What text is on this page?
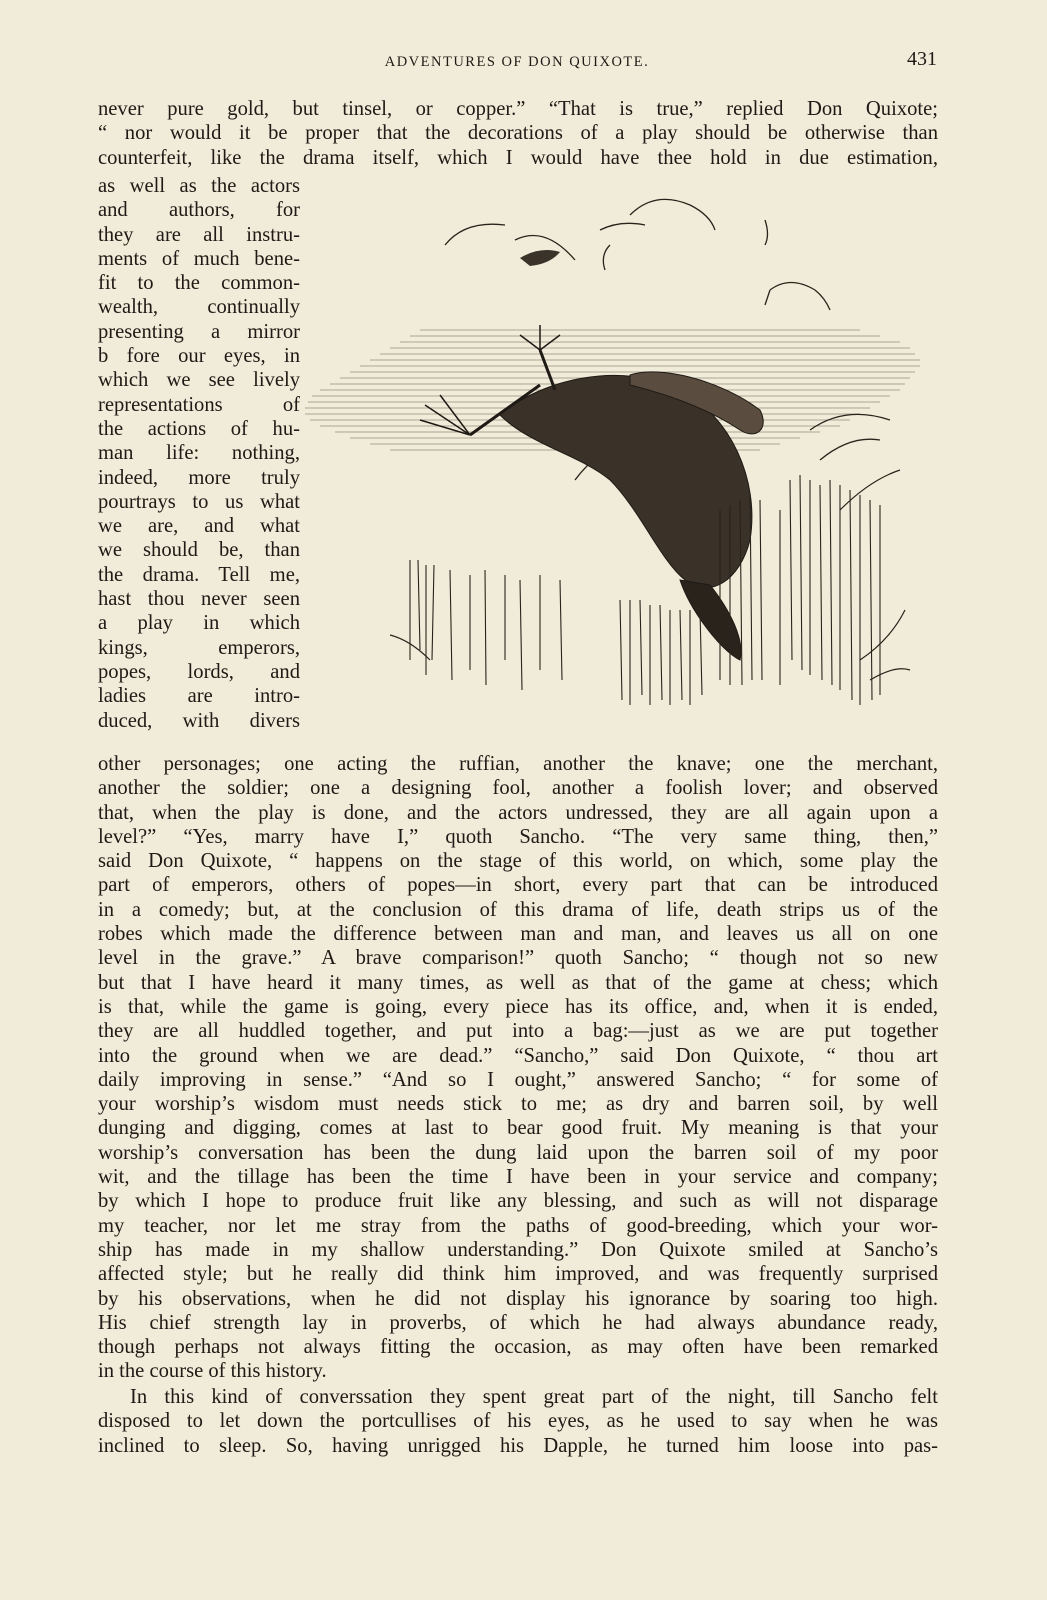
ADVENTURES OF DON QUIXOTE.	431
never pure gold, but tinsel, or copper.” “That is true,” replied Don Quixote;
“ nor would it be proper that the decorations of a play should be otherwise than
counterfeit, like the drama itself, which I would have thee hold in due estimation,
as well as the actors
and authors, for
they are all instru-
ments of much bene-
fit to the common-
wealth, continually
presenting a mirror
b fore our eyes, in
which we see lively
representations of
the actions of hu-
man life: nothing,
indeed, more truly
pourtrays to us what
we are, and what
we should be, than
the drama. Tell me,
hast thou never seen
a play in which
kings, emperors,
popes, lords, and
ladies are intro-
duced, with divers
other personages; one acting the ruffian, another the knave; one the merchant,
another the soldier; one a designing fool, another a foolish lover; and observed
that, when the play is done, and the actors undressed, they are all again upon a
level?” “Yes, marry have I,” quoth Sancho. “The very same thing, then,”
said Don Quixote, “ happens on the stage of this world, on which, some play the
part of emperors, others of popes—in short, every part that can be introduced
in a comedy; but, at the conclusion of this drama of life, death strips us of the
robes which made the difference between man and man, and leaves us all on one
level in the grave.” A brave comparison!” quoth Sancho; “ though not so new
but that I have heard it many times, as well as that of the game at chess; which
is that, while the game is going, every piece has its office, and, when it is ended,
they are all huddled together, and put into a bag:—just as we are put together
into the ground when we are dead.” “Sancho,” said Don Quixote, “ thou art
daily improving in sense.” “And so I ought,” answered Sancho; “ for some of
your worship’s wisdom must needs stick to me; as dry and barren soil, by well
dunging and digging, comes at last to bear good fruit. My meaning is that your
worship’s conversation has been the dung laid upon the barren soil of my poor
wit, and the tillage has been the time I have been in your service and company;
by which I hope to produce fruit like any blessing, and such as will not disparage
my teacher, nor let me stray from the paths of good-breeding, which your wor-
ship has made in my shallow understanding.” Don Quixote smiled at Sancho’s
affected style; but he really did think him improved, and was frequently surprised
by his observations, when he did not display his ignorance by soaring too high.
His chief strength lay in proverbs, of which he had always abundance ready,
though perhaps not always fitting the occasion, as may often have been remarked
in the course of this history.
In this kind of converssation they spent great part of the night, till Sancho felt
disposed to let down the portcullises of his eyes, as he used to say when he was
inclined to sleep. So, having unrigged his Dapple, he turned him loose into pas-
